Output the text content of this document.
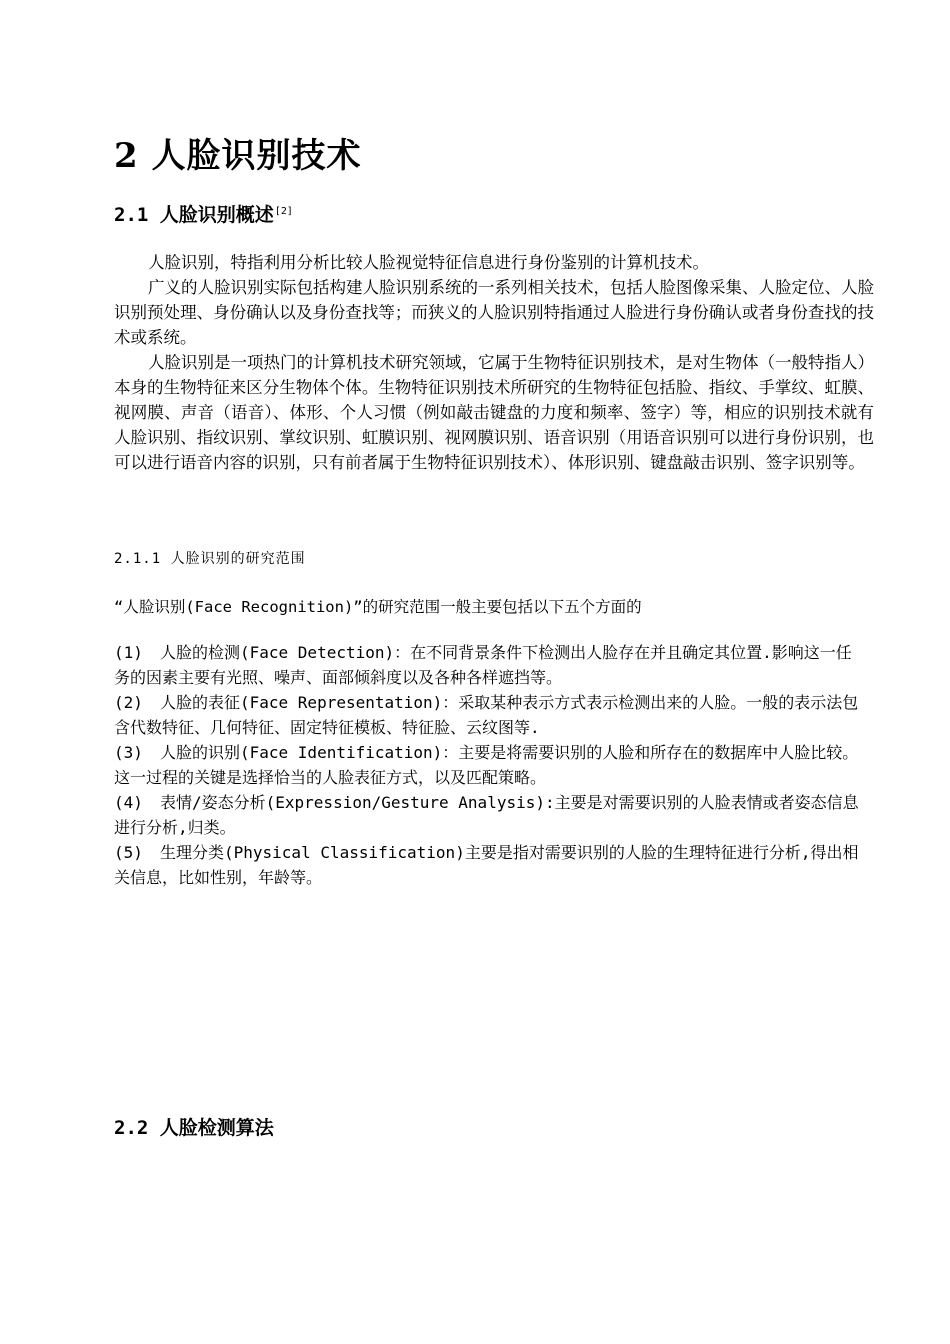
2 人脸识别技术
2.1 人脸识别概述[2]
人脸识别，特指利用分析比较人脸视觉特征信息进行身份鉴别的计算机技术。
广义的人脸识别实际包括构建人脸识别系统的一系列相关技术，包括人脸图像采集、人脸定位、人脸识别预处理、身份确认以及身份查找等；而狭义的人脸识别特指通过人脸进行身份确认或者身份查找的技术或系统。
人脸识别是一项热门的计算机技术研究领域，它属于生物特征识别技术，是对生物体（一般特指人）本身的生物特征来区分生物体个体。生物特征识别技术所研究的生物特征包括脸、指纹、手掌纹、虹膜、视网膜、声音（语音）、体形、个人习惯（例如敲击键盘的力度和频率、签字）等，相应的识别技术就有人脸识别、指纹识别、掌纹识别、虹膜识别、视网膜识别、语音识别（用语音识别可以进行身份识别，也可以进行语音内容的识别，只有前者属于生物特征识别技术）、体形识别、键盘敲击识别、签字识别等。
2.1.1 人脸识别的研究范围
“人脸识别(Face Recognition)”的研究范围一般主要包括以下五个方面的
(1) 人脸的检测(Face Detection)：在不同背景条件下检测出人脸存在并且确定其位置.影响这一任务的因素主要有光照、噪声、面部倾斜度以及各种各样遮挡等。
(2) 人脸的表征(Face Representation)：采取某种表示方式表示检测出来的人脸。一般的表示法包含代数特征、几何特征、固定特征模板、特征脸、云纹图等.
(3) 人脸的识别(Face Identification)：主要是将需要识别的人脸和所存在的数据库中人脸比较。这一过程的关键是选择恰当的人脸表征方式，以及匹配策略。
(4) 表情/姿态分析(Expression/Gesture Analysis):主要是对需要识别的人脸表情或者姿态信息进行分析,归类。
(5) 生理分类(Physical Classification)主要是指对需要识别的人脸的生理特征进行分析,得出相关信息，比如性别，年龄等。
2.2 人脸检测算法
